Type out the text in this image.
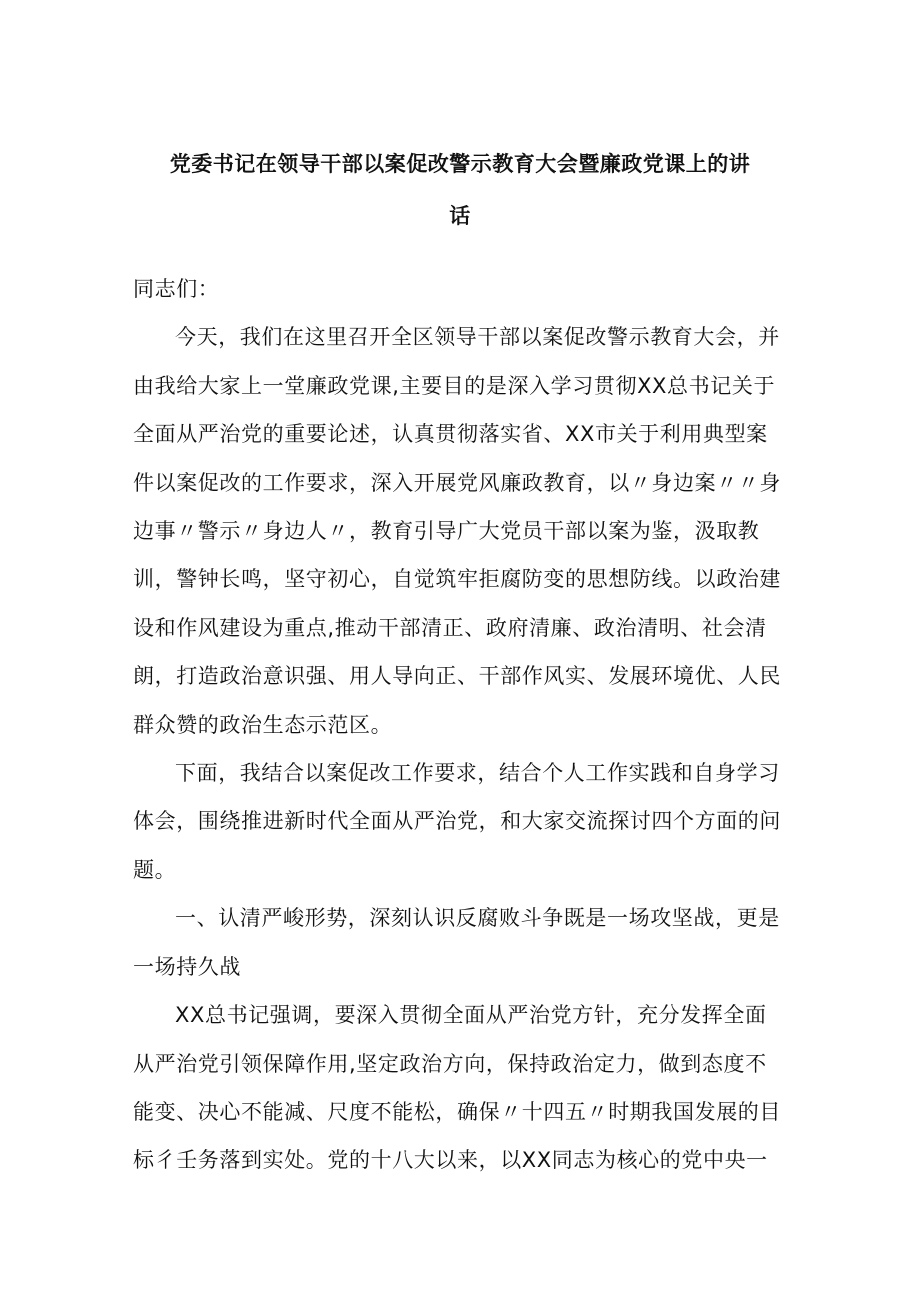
党委书记在领导干部以案促改警示教育大会暨廉政党课上的讲
话

同志们：

今天，我们在这里召开全区领导干部以案促改警示教育大会，并由我给大家上一堂廉政党课,主要目的是深入学习贯彻XX总书记关于全面从严治党的重要论述，认真贯彻落实省、XX市关于利用典型案件以案促改的工作要求，深入开展党风廉政教育，以〃身边案〃〃身边事〃警示〃身边人〃，教育引导广大党员干部以案为鉴，汲取教训，警钟长鸣，坚守初心，自觉筑牢拒腐防变的思想防线。以政治建设和作风建设为重点,推动干部清正、政府清廉、政治清明、社会清朗，打造政治意识强、用人导向正、干部作风实、发展环境优、人民群众赞的政治生态示范区。

下面，我结合以案促改工作要求，结合个人工作实践和自身学习体会，围绕推进新时代全面从严治党，和大家交流探讨四个方面的问题。

一、认清严峻形势，深刻认识反腐败斗争既是一场攻坚战，更是一场持久战

XX总书记强调，要深入贯彻全面从严治党方针，充分发挥全面从严治党引领保障作用,坚定政治方向，保持政治定力，做到态度不能变、决心不能减、尺度不能松，确保〃十四五〃时期我国发展的目标彳壬务落到实处。党的十八大以来，以XX同志为核心的党中央一
